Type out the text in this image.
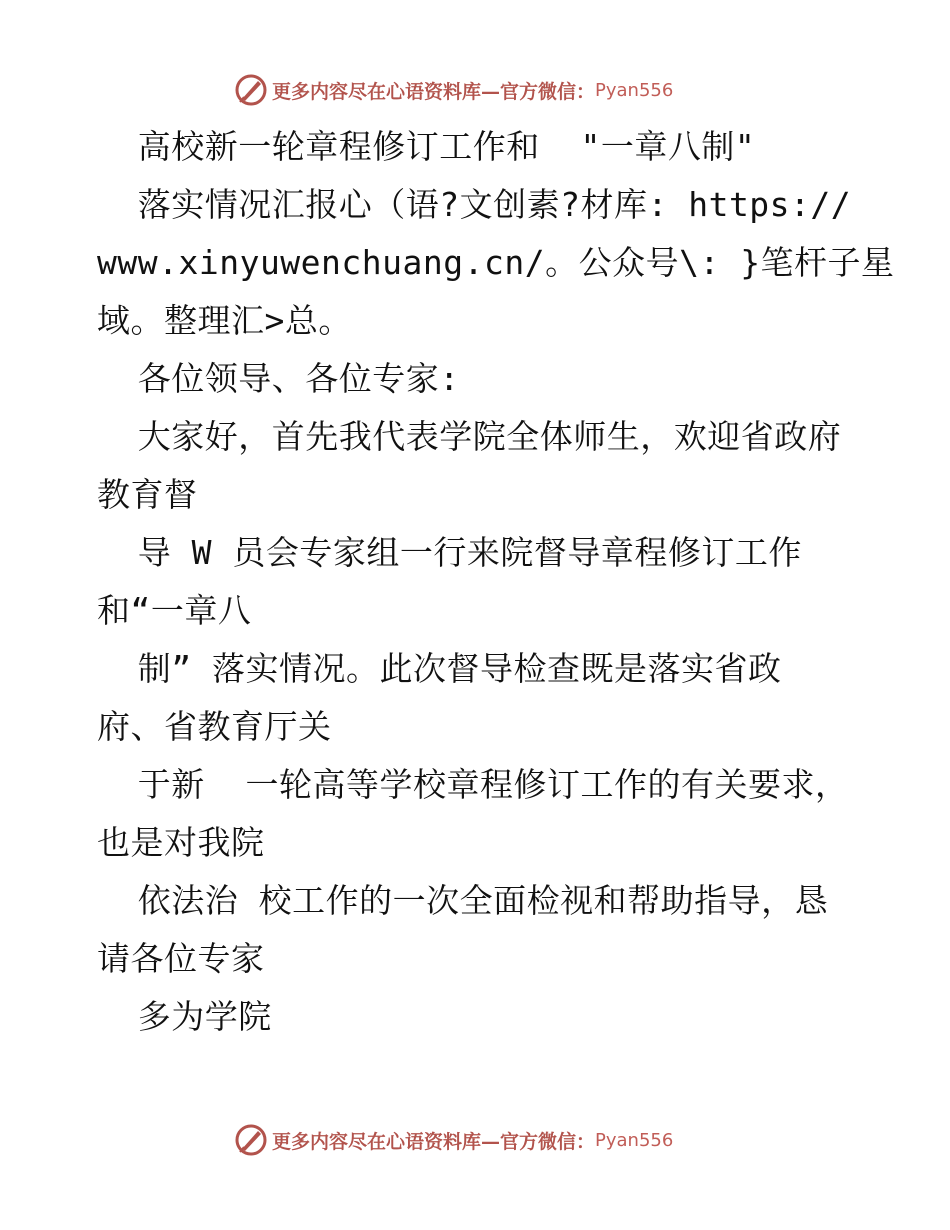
更多内容尽在心语资料库—官方微信： Pyan556
高校新一轮章程修订工作和  "一章八制"
落实情况汇报心（语?文创素?材库: https://
www.xinyuwenchuang.cn/。公众号\: }笔杆子星
域。整理汇>总。
各位领导、各位专家:
大家好，首先我代表学院全体师生，欢迎省政府
教育督
导 W 员会专家组一行来院督导章程修订工作
和“一章八
制” 落实情况。此次督导检查既是落实省政
府、省教育厅关
于新  一轮高等学校章程修订工作的有关要求，
也是对我院
依法治 校工作的一次全面检视和帮助指导，恳
请各位专家
多为学院
更多内容尽在心语资料库—官方微信： Pyan556
